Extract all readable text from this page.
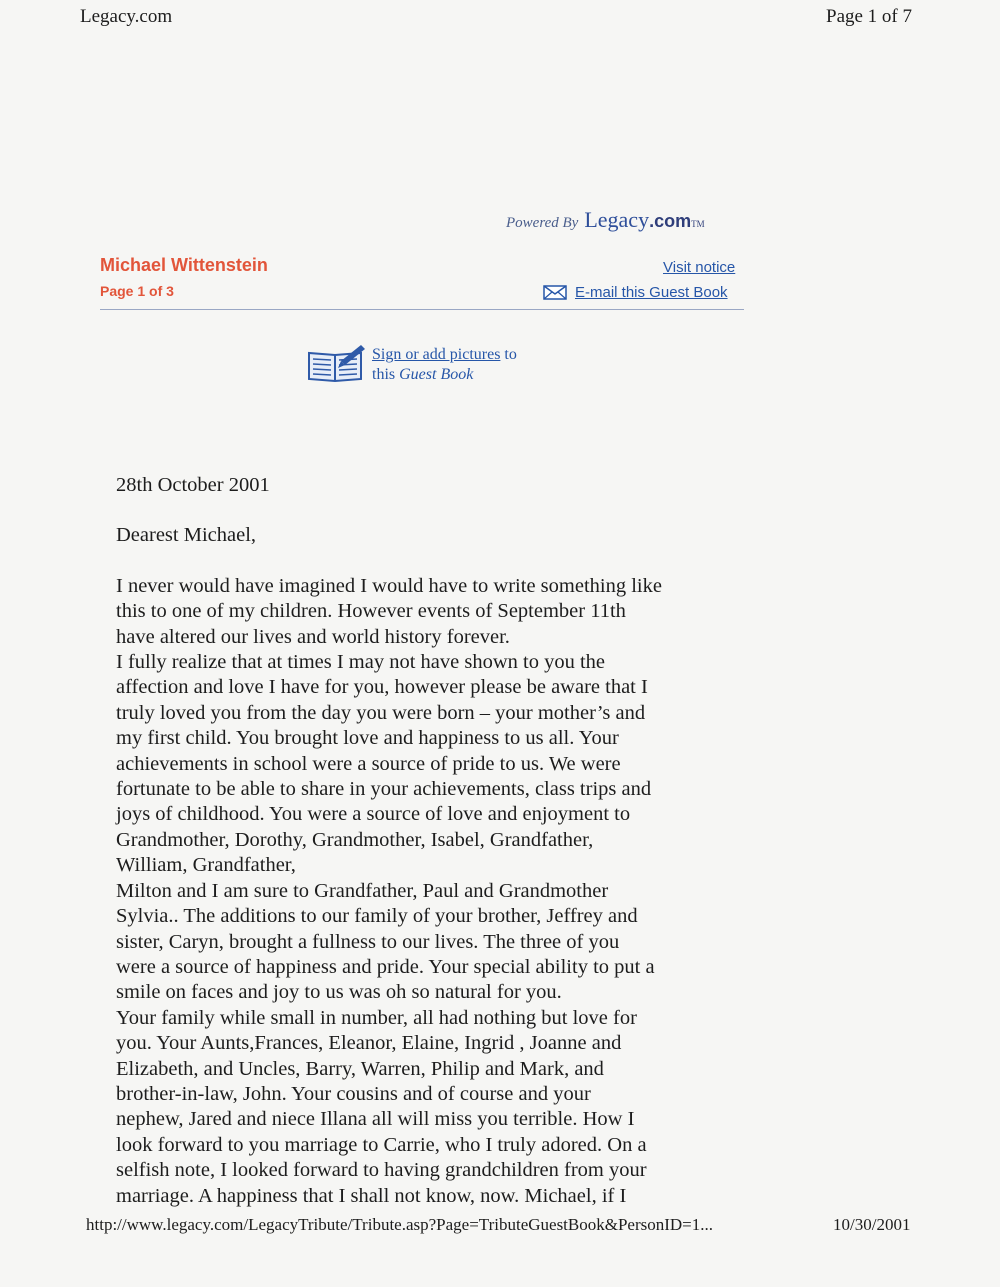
Legacy.com	Page 1 of 7
Powered By Legacy.comTM
Michael Wittenstein
Page 1 of 3
Visit notice
E-mail this Guest Book
Sign or add pictures to
this Guest Book
28th October 2001
Dearest Michael,
I never would have imagined I would have to write something like
this to one of my children. However events of September 11th
have altered our lives and world history forever.
I fully realize that at times I may not have shown to you the
affection and love I have for you, however please be aware that I
truly loved you from the day you were born – your mother’s and
my first child. You brought love and happiness to us all. Your
achievements in school were a source of pride to us. We were
fortunate to be able to share in your achievements, class trips and
joys of childhood. You were a source of love and enjoyment to
Grandmother, Dorothy, Grandmother, Isabel, Grandfather,
William, Grandfather,
Milton and I am sure to Grandfather, Paul and Grandmother
Sylvia.. The additions to our family of your brother, Jeffrey and
sister, Caryn, brought a fullness to our lives. The three of you
were a source of happiness and pride. Your special ability to put a
smile on faces and joy to us was oh so natural for you.
Your family while small in number, all had nothing but love for
you. Your Aunts,Frances, Eleanor, Elaine, Ingrid , Joanne and
Elizabeth, and Uncles, Barry, Warren, Philip and Mark, and
brother-in-law, John. Your cousins and of course and your
nephew, Jared and niece Illana all will miss you terrible. How I
look forward to you marriage to Carrie, who I truly adored. On a
selfish note, I looked forward to having grandchildren from your
marriage. A happiness that I shall not know, now. Michael, if I
http://www.legacy.com/LegacyTribute/Tribute.asp?Page=TributeGuestBook&PersonID=1...	10/30/2001
